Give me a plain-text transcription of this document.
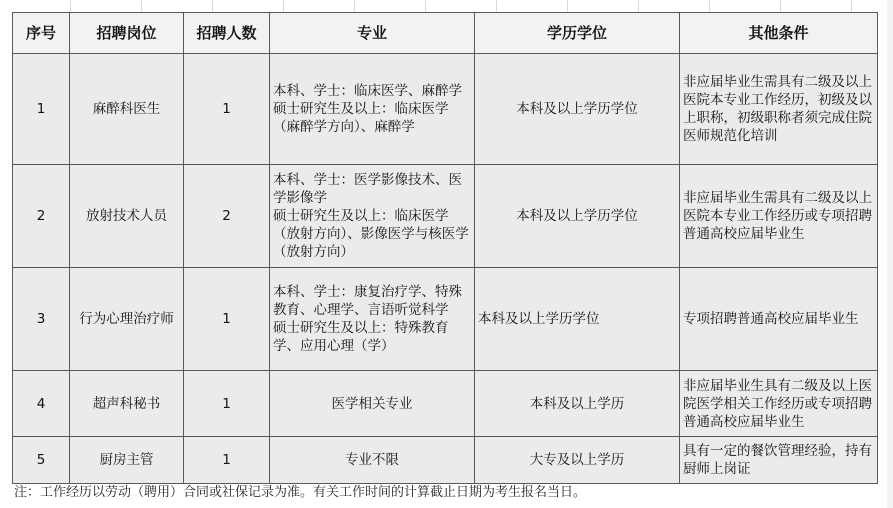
序号	招聘岗位	招聘人数	专业	学历学位	其他条件
1	麻醉科医生	1	本科、学士：临床医学、麻醉学
硕士研究生及以上：临床医学（麻醉学方向）、麻醉学	本科及以上学历学位	非应届毕业生需具有二级及以上医院本专业工作经历，初级及以上职称，初级职称者须完成住院医师规范化培训
2	放射技术人员	2	本科、学士：医学影像技术、医学影像学
硕士研究生及以上：临床医学（放射方向）、影像医学与核医学（放射方向）	本科及以上学历学位	非应届毕业生需具有二级及以上医院本专业工作经历或专项招聘普通高校应届毕业生
3	行为心理治疗师	1	本科、学士：康复治疗学、特殊教育、心理学、言语听觉科学
硕士研究生及以上：特殊教育学、应用心理（学）	本科及以上学历学位	专项招聘普通高校应届毕业生
4	超声科秘书	1	医学相关专业	本科及以上学历	非应届毕业生具有二级及以上医院医学相关工作经历或专项招聘普通高校应届毕业生
5	厨房主管	1	专业不限	大专及以上学历	具有一定的餐饮管理经验，持有厨师上岗证
注：工作经历以劳动（聘用）合同或社保记录为准。有关工作时间的计算截止日期为考生报名当日。
